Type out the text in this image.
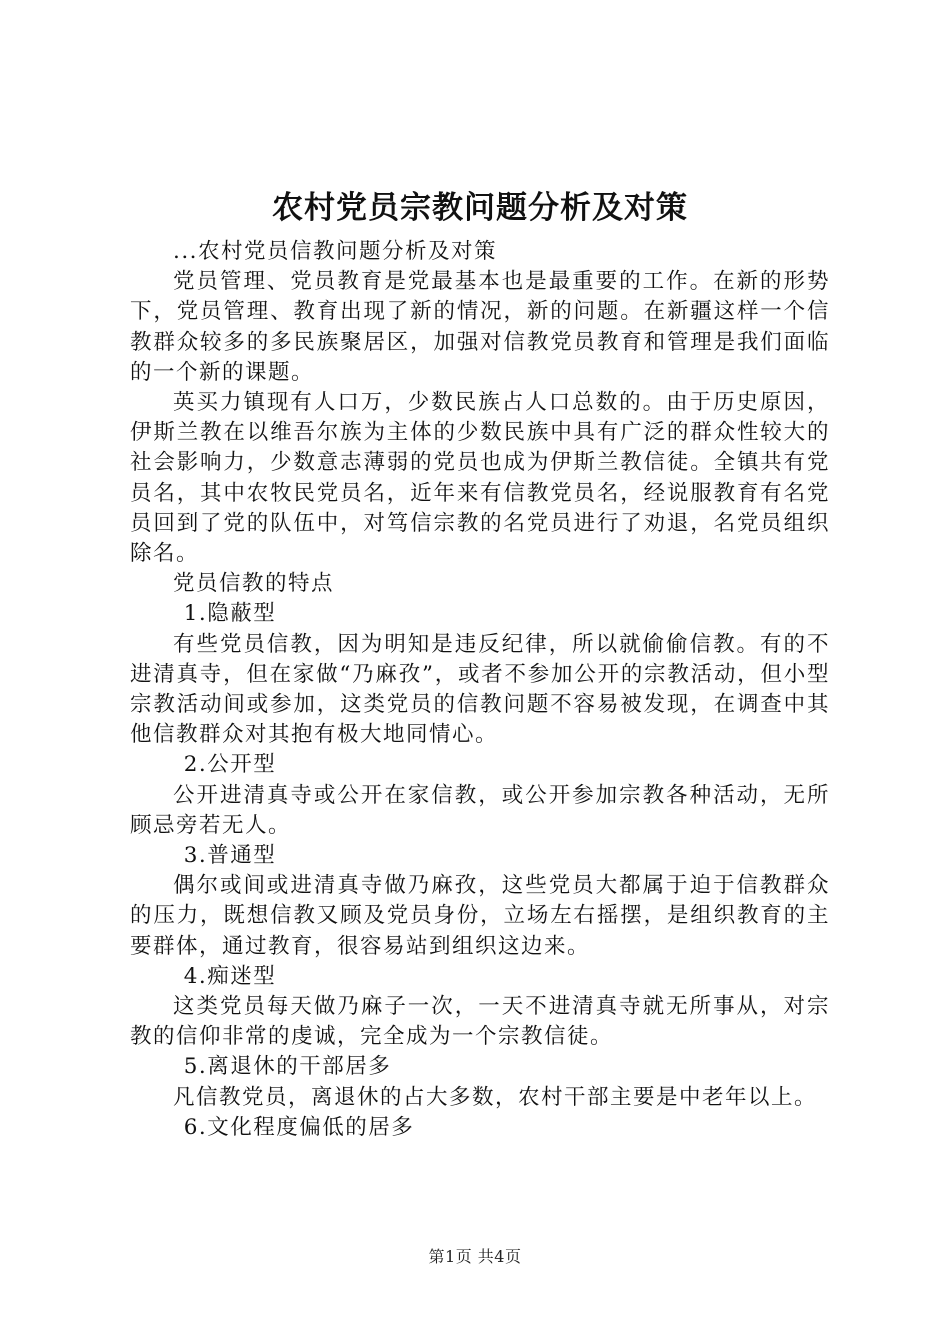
农村党员宗教问题分析及对策

...农村党员信教问题分析及对策

党员管理、党员教育是党最基本也是最重要的工作。在新的形势下，党员管理、教育出现了新的情况，新的问题。在新疆这样一个信教群众较多的多民族聚居区，加强对信教党员教育和管理是我们面临的一个新的课题。

英买力镇现有人口万，少数民族占人口总数的。由于历史原因，伊斯兰教在以维吾尔族为主体的少数民族中具有广泛的群众性较大的社会影响力，少数意志薄弱的党员也成为伊斯兰教信徒。全镇共有党员名，其中农牧民党员名，近年来有信教党员名，经说服教育有名党员回到了党的队伍中，对笃信宗教的名党员进行了劝退，名党员组织除名。

党员信教的特点

1.隐蔽型

有些党员信教，因为明知是违反纪律，所以就偷偷信教。有的不进清真寺，但在家做“乃麻孜”，或者不参加公开的宗教活动，但小型宗教活动间或参加，这类党员的信教问题不容易被发现，在调查中其他信教群众对其抱有极大地同情心。

2.公开型

公开进清真寺或公开在家信教，或公开参加宗教各种活动，无所顾忌旁若无人。

3.普通型

偶尔或间或进清真寺做乃麻孜，这些党员大都属于迫于信教群众的压力，既想信教又顾及党员身份，立场左右摇摆，是组织教育的主要群体，通过教育，很容易站到组织这边来。

4.痴迷型

这类党员每天做乃麻子一次，一天不进清真寺就无所事从，对宗教的信仰非常的虔诚，完全成为一个宗教信徒。

5.离退休的干部居多

凡信教党员，离退休的占大多数，农村干部主要是中老年以上。

6.文化程度偏低的居多

第1页 共4页
